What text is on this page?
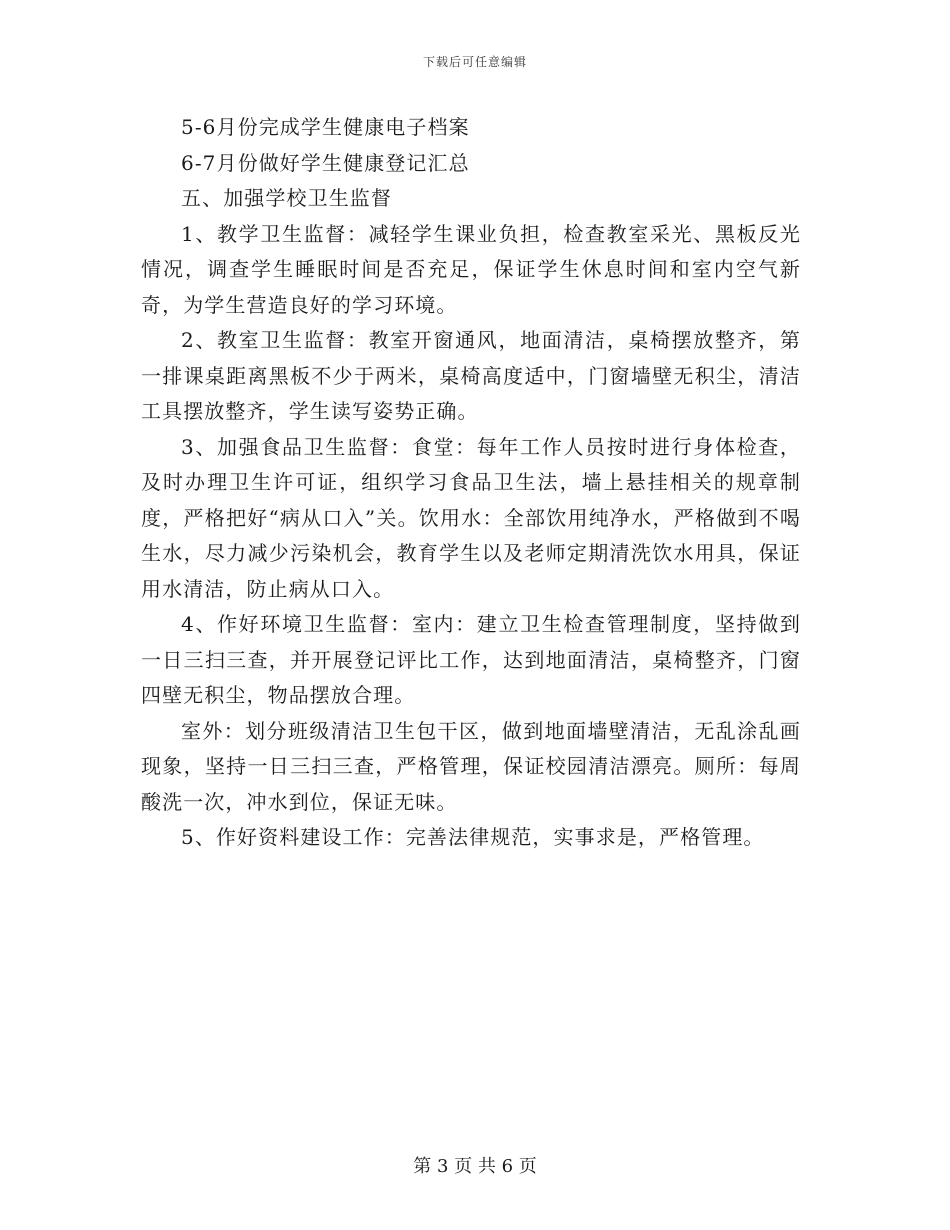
下载后可任意编辑

5-6月份完成学生健康电子档案

6-7月份做好学生健康登记汇总

五、加强学校卫生监督

1、教学卫生监督：减轻学生课业负担，检查教室采光、黑板反光情况，调查学生睡眠时间是否充足，保证学生休息时间和室内空气新奇，为学生营造良好的学习环境。

2、教室卫生监督：教室开窗通风，地面清洁，桌椅摆放整齐，第一排课桌距离黑板不少于两米，桌椅高度适中，门窗墙壁无积尘，清洁工具摆放整齐，学生读写姿势正确。

3、加强食品卫生监督：食堂：每年工作人员按时进行身体检查，及时办理卫生许可证，组织学习食品卫生法，墙上悬挂相关的规章制度，严格把好“病从口入”关。饮用水：全部饮用纯净水，严格做到不喝生水，尽力减少污染机会，教育学生以及老师定期清洗饮水用具，保证用水清洁，防止病从口入。

4、作好环境卫生监督：室内：建立卫生检查管理制度，坚持做到一日三扫三查，并开展登记评比工作，达到地面清洁，桌椅整齐，门窗四壁无积尘，物品摆放合理。

室外：划分班级清洁卫生包干区，做到地面墙壁清洁，无乱涂乱画现象，坚持一日三扫三查，严格管理，保证校园清洁漂亮。厕所：每周酸洗一次，冲水到位，保证无味。

5、作好资料建设工作：完善法律规范，实事求是，严格管理。

第 3 页 共 6 页
